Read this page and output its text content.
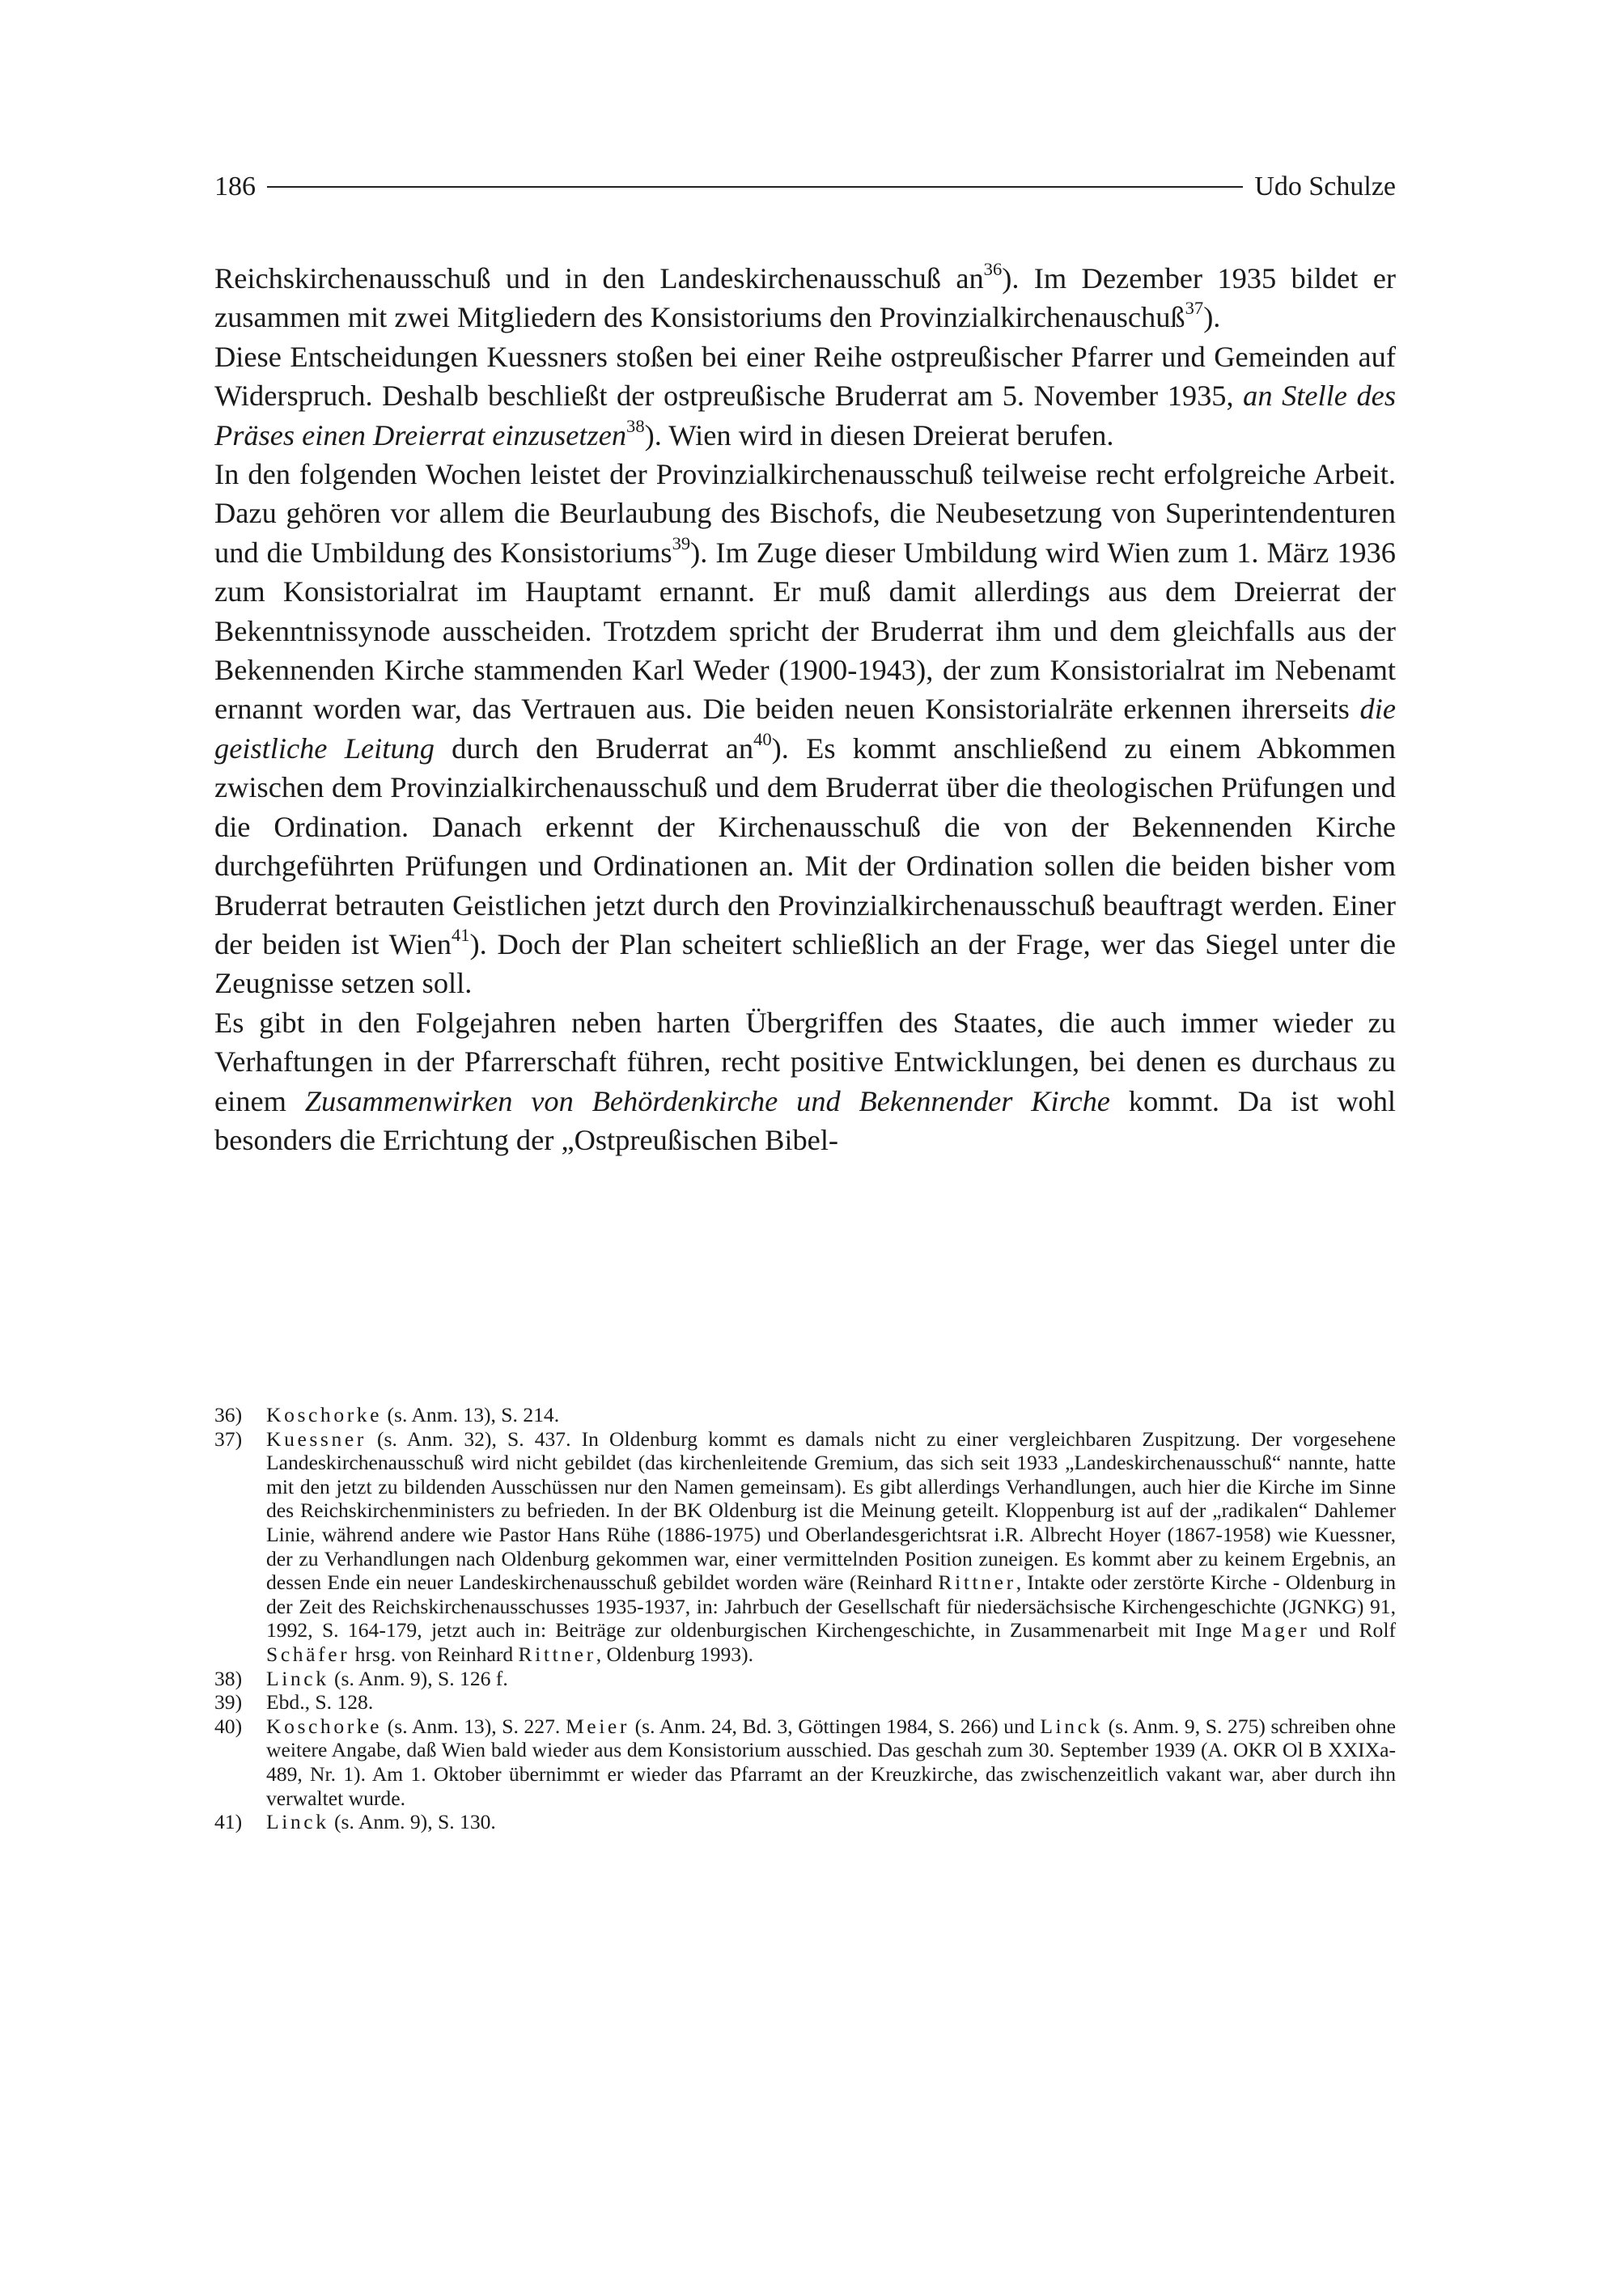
186	Udo Schulze

Reichskirchenausschuß und in den Landeskirchenausschuß $an^{36}$). Im Dezember 1935 bildet er zusammen mit zwei Mitgliedern des Konsistoriums den Provinzialkirchenauschuß$^{37}$).

Diese Entscheidungen Kuessners stoßen bei einer Reihe ostpreußischer Pfarrer und Gemeinden auf Widerspruch. Deshalb beschließt der ostpreußische Bruderrat am 5. November 1935, an Stelle des Präses einen Dreierrat einzusetzen$^{38}$). Wien wird in diesen Dreierat berufen.

In den folgenden Wochen leistet der Provinzialkirchenausschuß teilweise recht erfolgreiche Arbeit. Dazu gehören vor allem die Beurlaubung des Bischofs, die Neubesetzung von Superintendenturen und die Umbildung des Konsistoriums$^{39}$). Im Zuge dieser Umbildung wird Wien zum 1. März 1936 zum Konsistorialrat im Hauptamt ernannt. Er muß damit allerdings aus dem Dreierrat der Bekenntnissynode ausscheiden. Trotzdem spricht der Bruderrat ihm und dem gleichfalls aus der Bekennenden Kirche stammenden Karl Weder (1900-1943), der zum Konsistorialrat im Nebenamt ernannt worden war, das Vertrauen aus. Die beiden neuen Konsistorialräte erkennen ihrerseits die geistliche Leitung durch den Bruderrat $an^{40}$). Es kommt anschließend zu einem Abkommen zwischen dem Provinzialkirchenausschuß und dem Bruderrat über die theologischen Prüfungen und die Ordination. Danach erkennt der Kirchenausschuß die von der Bekennenden Kirche durchgeführten Prüfungen und Ordinationen an. Mit der Ordination sollen die beiden bisher vom Bruderrat betrauten Geistlichen jetzt durch den Provinzialkirchenausschuß beauftragt werden. Einer der beiden ist Wien$^{41}$). Doch der Plan scheitert schließlich an der Frage, wer das Siegel unter die Zeugnisse setzen soll.

Es gibt in den Folgejahren neben harten Übergriffen des Staates, die auch immer wieder zu Verhaftungen in der Pfarrerschaft führen, recht positive Entwicklungen, bei denen es durchaus zu einem Zusammenwirken von Behördenkirche und Bekennender Kirche kommt. Da ist wohl besonders die Errichtung der „Ostpreußischen Bibel-

36)	Koschorke (s. Anm. 13), S. 214.
37)	Kuessner (s. Anm. 32), S. 437. In Oldenburg kommt es damals nicht zu einer vergleichbaren Zuspitzung. Der vorgesehene Landeskirchenausschuß wird nicht gebildet (das kirchenleitende Gremium, das sich seit 1933 „Landeskirchenausschuß“ nannte, hatte mit den jetzt zu bildenden Ausschüssen nur den Namen gemeinsam). Es gibt allerdings Verhandlungen, auch hier die Kirche im Sinne des Reichskirchenministers zu befrieden. In der BK Oldenburg ist die Meinung geteilt. Kloppenburg ist auf der „radikalen“ Dahlemer Linie, während andere wie Pastor Hans Rühe (1886-1975) und Oberlandesgerichtsrat i.R. Albrecht Hoyer (1867-1958) wie Kuessner, der zu Verhandlungen nach Oldenburg gekommen war, einer vermittelnden Position zuneigen. Es kommt aber zu keinem Ergebnis, an dessen Ende ein neuer Landeskirchenausschuß gebildet worden wäre (Reinhard Rittner, Intakte oder zerstörte Kirche - Oldenburg in der Zeit des Reichskirchenausschusses 1935-1937, in: Jahrbuch der Gesellschaft für niedersächsische Kirchengeschichte (JGNKG) 91, 1992, S. 164-179, jetzt auch in: Beiträge zur oldenburgischen Kirchengeschichte, in Zusammenarbeit mit Inge Mager und Rolf Schäfer hrsg. von Reinhard Rittner, Oldenburg 1993).
38)	Linck (s. Anm. 9), S. 126 f.
39)	Ebd., S. 128.
40)	Koschorke (s. Anm. 13), S. 227. Meier (s. Anm. 24, Bd. 3, Göttingen 1984, S. 266) und Linck (s. Anm. 9, S. 275) schreiben ohne weitere Angabe, daß Wien bald wieder aus dem Konsistorium ausschied. Das geschah zum 30. September 1939 (A. OKR Ol B XXIXa-489, Nr. 1). Am 1. Oktober übernimmt er wieder das Pfarramt an der Kreuzkirche, das zwischenzeitlich vakant war, aber durch ihn verwaltet wurde.
41)	Linck (s. Anm. 9), S. 130.
